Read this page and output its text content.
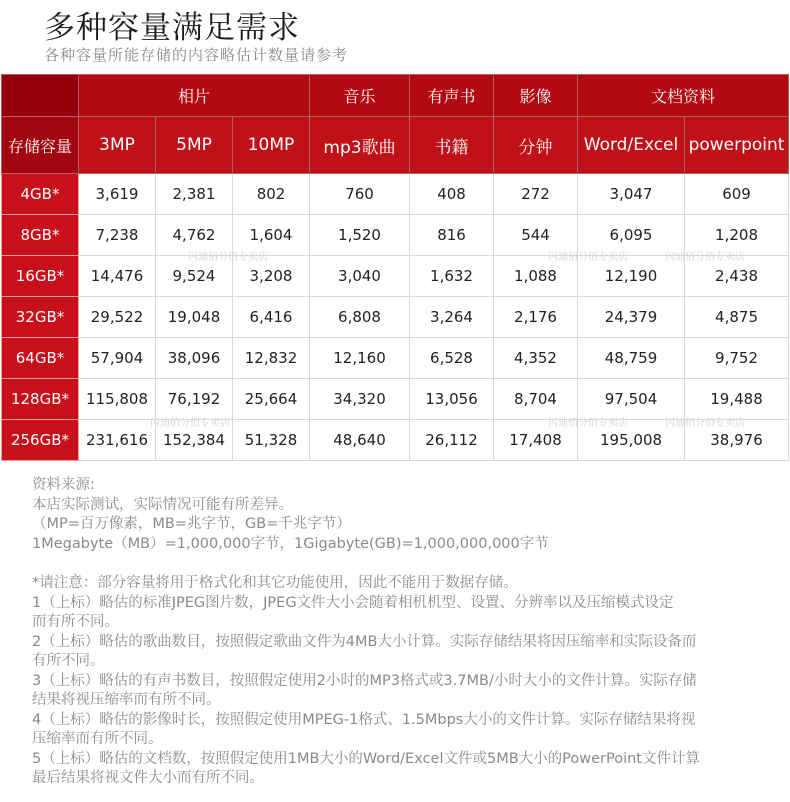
多种容量满足需求
各种容量所能存储的内容略估计数量请参考
	相片			音乐	有声书	影像	文档资料	
存储容量	3MP	5MP	10MP	mp3歌曲	书籍	分钟	Word/Excel	powerpoint
4GB*	3,619	2,381	802	760	408	272	3,047	609
8GB*	7,238	4,762	1,604	1,520	816	544	6,095	1,208
16GB*	14,476	9,524	3,208	3,040	1,632	1,088	12,190	2,438
32GB*	29,522	19,048	6,416	6,808	3,264	2,176	24,379	4,875
64GB*	57,904	38,096	12,832	12,160	6,528	4,352	48,759	9,752
128GB*	115,808	76,192	25,664	34,320	13,056	8,704	97,504	19,488
256GB*	231,616	152,384	51,328	48,640	26,112	17,408	195,008	38,976
闪迪佰分佰专卖店	闪迪佰分佰专卖店	闪迪佰分佰专卖店
闪迪佰分佰专卖店	闪迪佰分佰专卖店	闪迪佰分佰专卖店
资料来源:
本店实际测试，实际情况可能有所差异。
（MP=百万像素，MB=兆字节，GB=千兆字节）
1Megabyte（MB）=1,000,000字节，1Gigabyte(GB)=1,000,000,000字节
*请注意：部分容量将用于格式化和其它功能使用，因此不能用于数据存储。
1（上标）略估的标准JPEG图片数，JPEG文件大小会随着相机机型、设置、分辨率以及压缩模式设定
而有所不同。
2（上标）略估的歌曲数目，按照假定歌曲文件为4MB大小计算。实际存储结果将因压缩率和实际设备而
有所不同。
3（上标）略估的有声书数目，按照假定使用2小时的MP3格式或3.7MB/小时大小的文件计算。实际存储
结果将视压缩率而有所不同。
4（上标）略估的影像时长，按照假定使用MPEG-1格式、1.5Mbps大小的文件计算。实际存储结果将视
压缩率而有所不同。
5（上标）略估的文档数，按照假定使用1MB大小的Word/Excel文件或5MB大小的PowerPoint文件计算
最后结果将视文件大小而有所不同。
